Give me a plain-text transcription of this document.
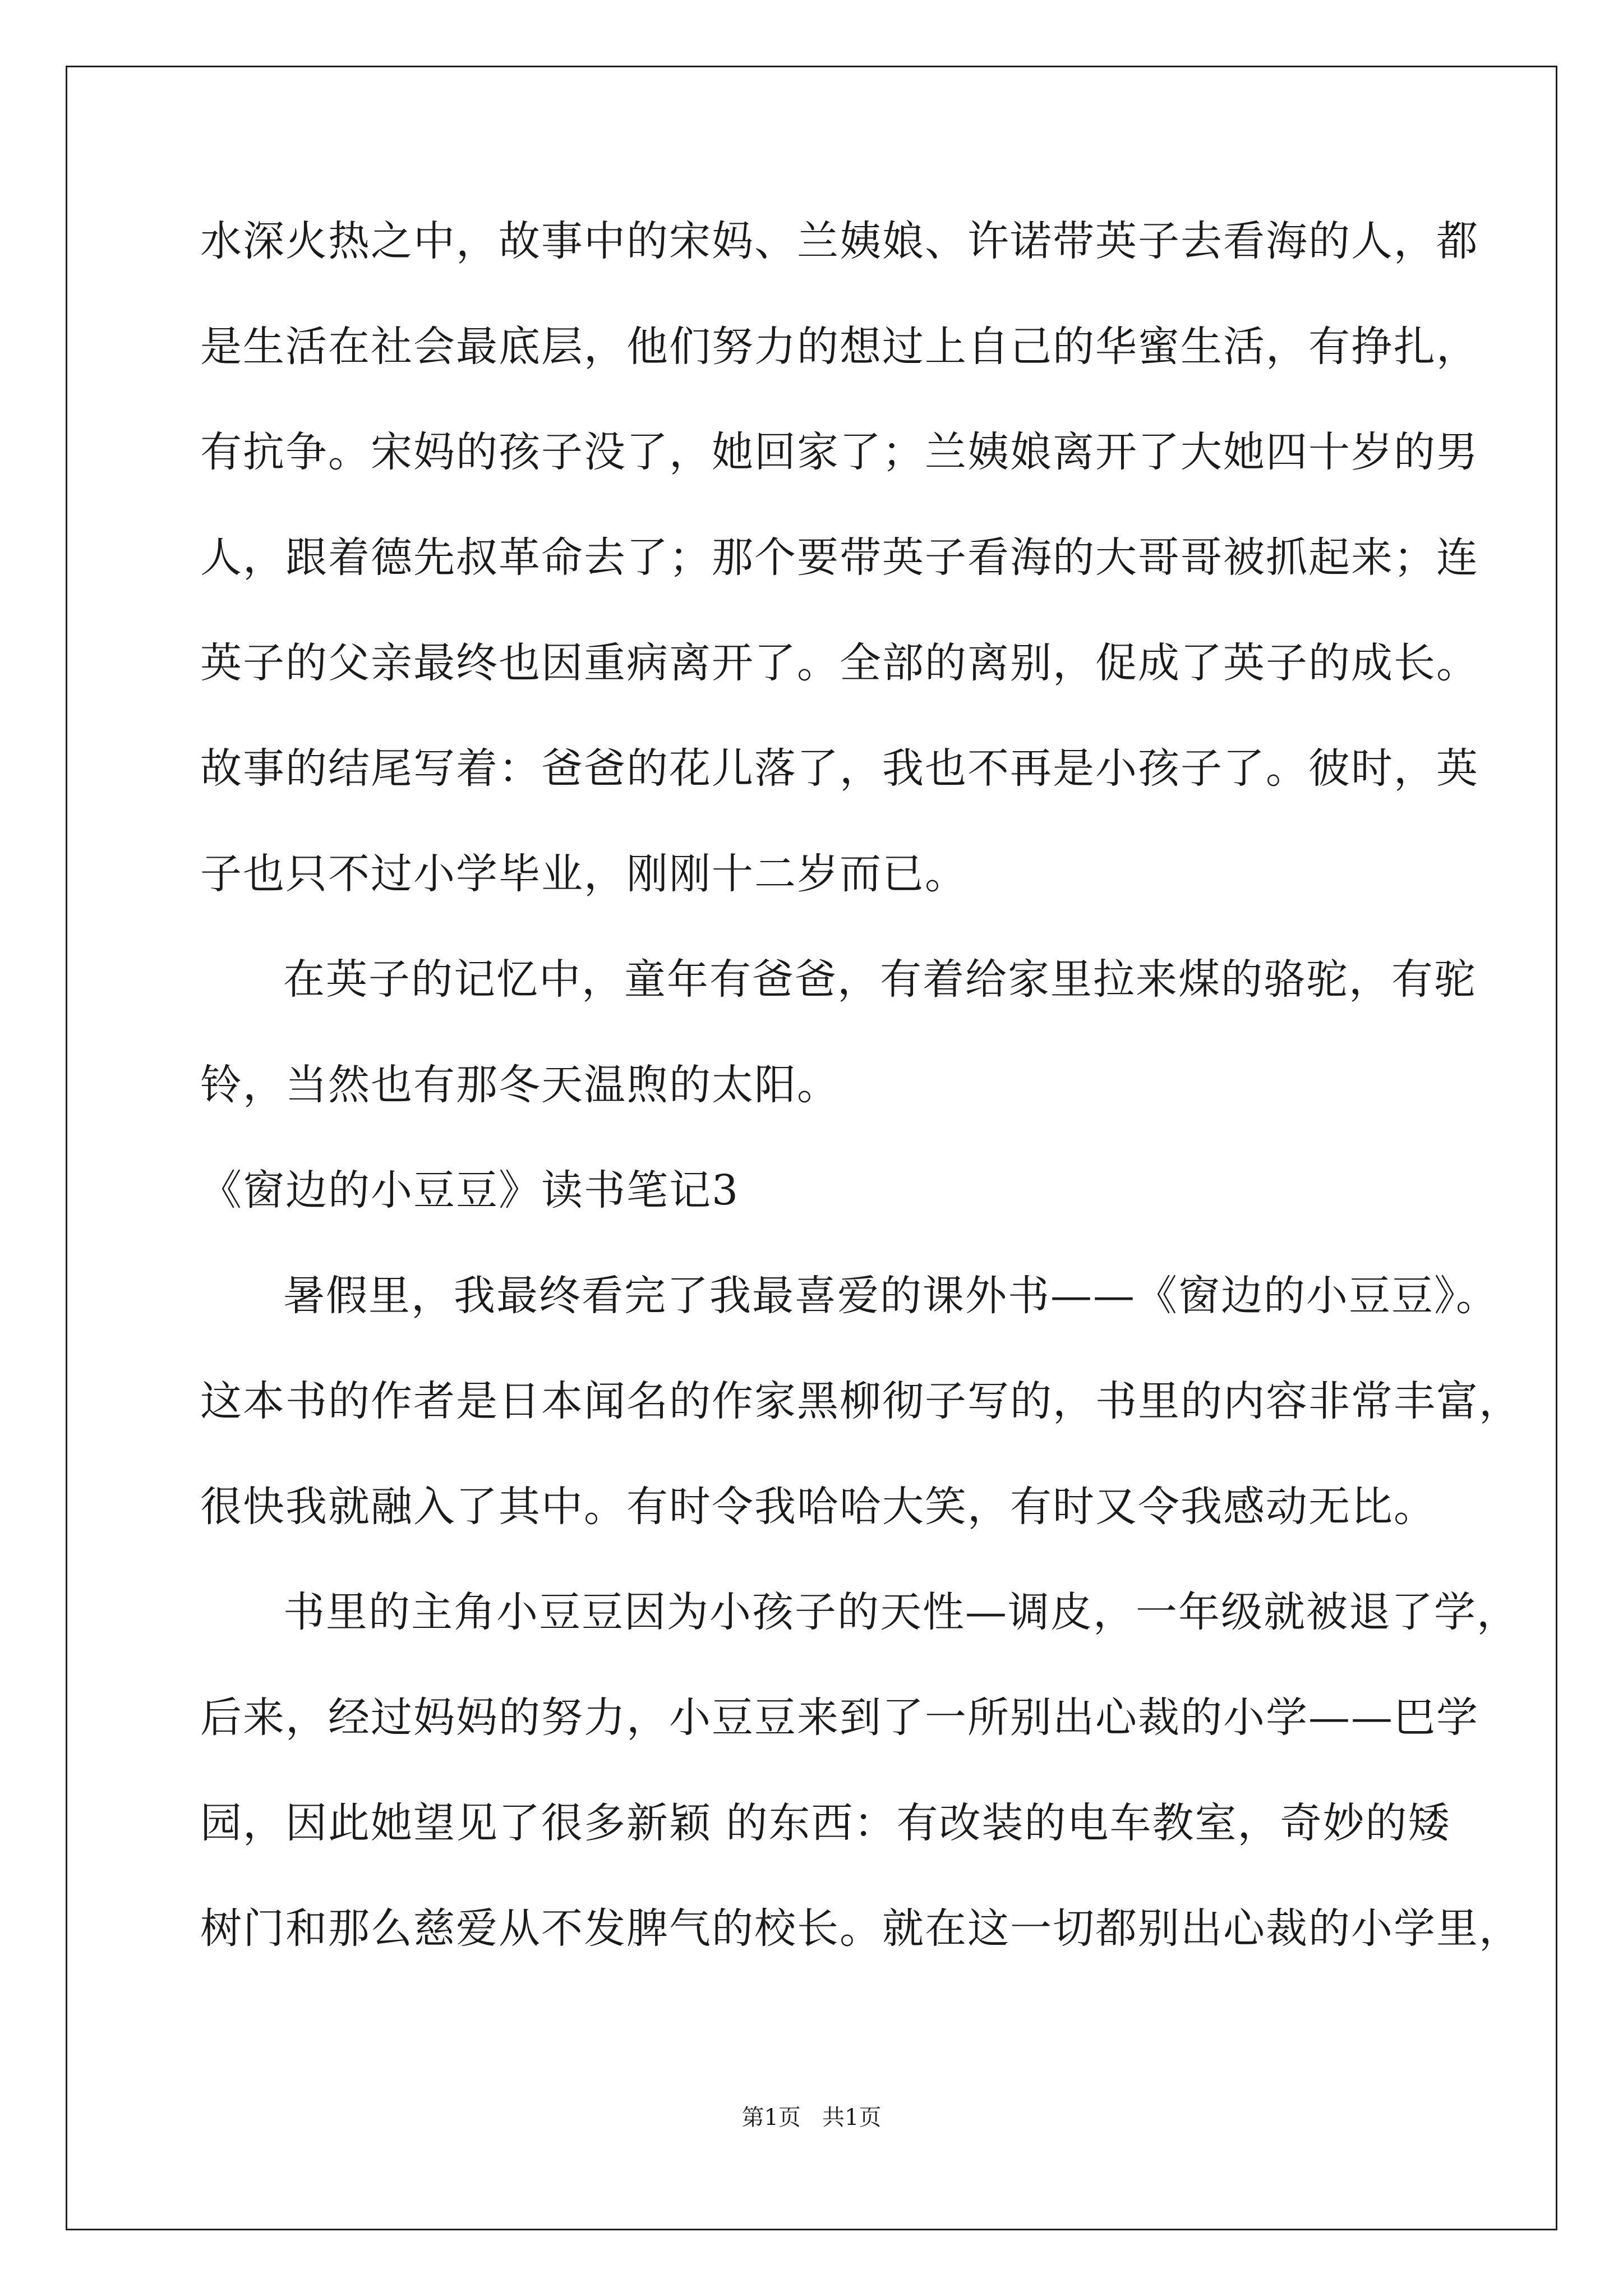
水深火热之中，故事中的宋妈、兰姨娘、许诺带英子去看海的人，都
是生活在社会最底层，他们努力的想过上自己的华蜜生活，有挣扎，
有抗争。宋妈的孩子没了，她回家了；兰姨娘离开了大她四十岁的男
人，跟着德先叔革命去了；那个要带英子看海的大哥哥被抓起来；连
英子的父亲最终也因重病离开了。全部的离别，促成了英子的成长。
故事的结尾写着：爸爸的花儿落了，我也不再是小孩子了。彼时，英
子也只不过小学毕业，刚刚十二岁而已。
在英子的记忆中，童年有爸爸，有着给家里拉来煤的骆驼，有驼
铃，当然也有那冬天温煦的太阳。
《窗边的小豆豆》读书笔记3
暑假里，我最终看完了我最喜爱的课外书——《窗边的小豆豆》。
这本书的作者是日本闻名的作家黑柳彻子写的，书里的内容非常丰富，
很快我就融入了其中。有时令我哈哈大笑，有时又令我感动无比。
书里的主角小豆豆因为小孩子的天性—调皮，一年级就被退了学，
后来，经过妈妈的努力，小豆豆来到了一所别出心裁的小学——巴学
园，因此她望见了很多新颖 的东西：有改装的电车教室，奇妙的矮
树门和那么慈爱从不发脾气的校长。就在这一切都别出心裁的小学里，
第1页   共1页
